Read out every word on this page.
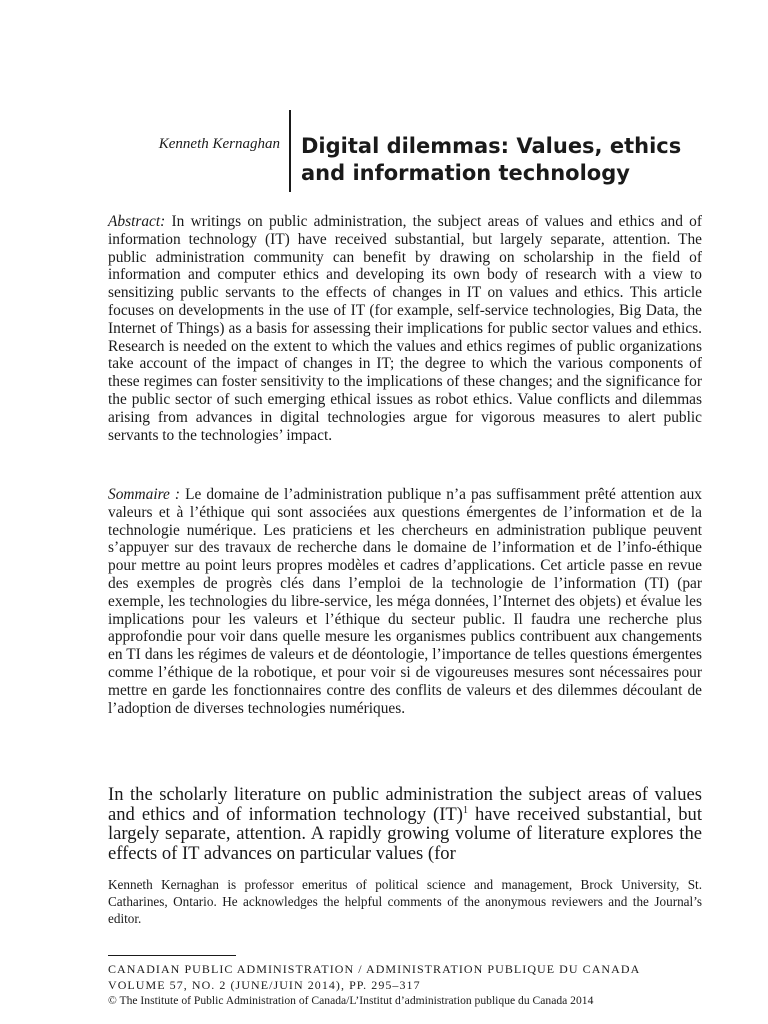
Kenneth Kernaghan Digital dilemmas: Values, ethics and information technology

Abstract: In writings on public administration, the subject areas of values and ethics and of information technology (IT) have received substantial, but largely separate, attention. The public administration community can benefit by drawing on scholarship in the field of information and computer ethics and developing its own body of research with a view to sensitizing public servants to the effects of changes in IT on values and ethics. This article focuses on developments in the use of IT (for example, self-service technologies, Big Data, the Internet of Things) as a basis for assessing their implications for public sector values and ethics. Research is needed on the extent to which the values and ethics regimes of public organizations take account of the impact of changes in IT; the degree to which the various components of these regimes can foster sensitivity to the implications of these changes; and the significance for the public sector of such emerging ethical issues as robot ethics. Value conflicts and dilemmas arising from advances in digital technologies argue for vigorous measures to alert public servants to the technologies’ impact.

Sommaire : Le domaine de l’administration publique n’a pas suffisamment prêté attention aux valeurs et à l’éthique qui sont associées aux questions émergentes de l’information et de la technologie numérique. Les praticiens et les chercheurs en administration publique peuvent s’appuyer sur des travaux de recherche dans le domaine de l’information et de l’info-éthique pour mettre au point leurs propres modèles et cadres d’applications. Cet article passe en revue des exemples de progrès clés dans l’emploi de la technologie de l’information (TI) (par exemple, les technologies du libre-service, les méga données, l’Internet des objets) et évalue les implications pour les valeurs et l’éthique du secteur public. Il faudra une recherche plus approfondie pour voir dans quelle mesure les organismes publics contribuent aux changements en TI dans les régimes de valeurs et de déontologie, l’importance de telles questions émergentes comme l’éthique de la robotique, et pour voir si de vigoureuses mesures sont nécessaires pour mettre en garde les fonctionnaires contre des conflits de valeurs et des dilemmes découlant de l’adoption de diverses technologies numériques.

In the scholarly literature on public administration the subject areas of values and ethics and of information technology (IT)$^1$ have received substantial, but largely separate, attention. A rapidly growing volume of literature explores the effects of IT advances on particular values (for

Kenneth Kernaghan is professor emeritus of political science and management, Brock University, St. Catharines, Ontario. He acknowledges the helpful comments of the anonymous reviewers and the Journal’s editor.

CANADIAN PUBLIC ADMINISTRATION / ADMINISTRATION PUBLIQUE DU CANADA
VOLUME 57, NO. 2 (JUNE/JUIN 2014), PP. 295–317
© The Institute of Public Administration of Canada/L’Institut d’administration publique du Canada 2014
